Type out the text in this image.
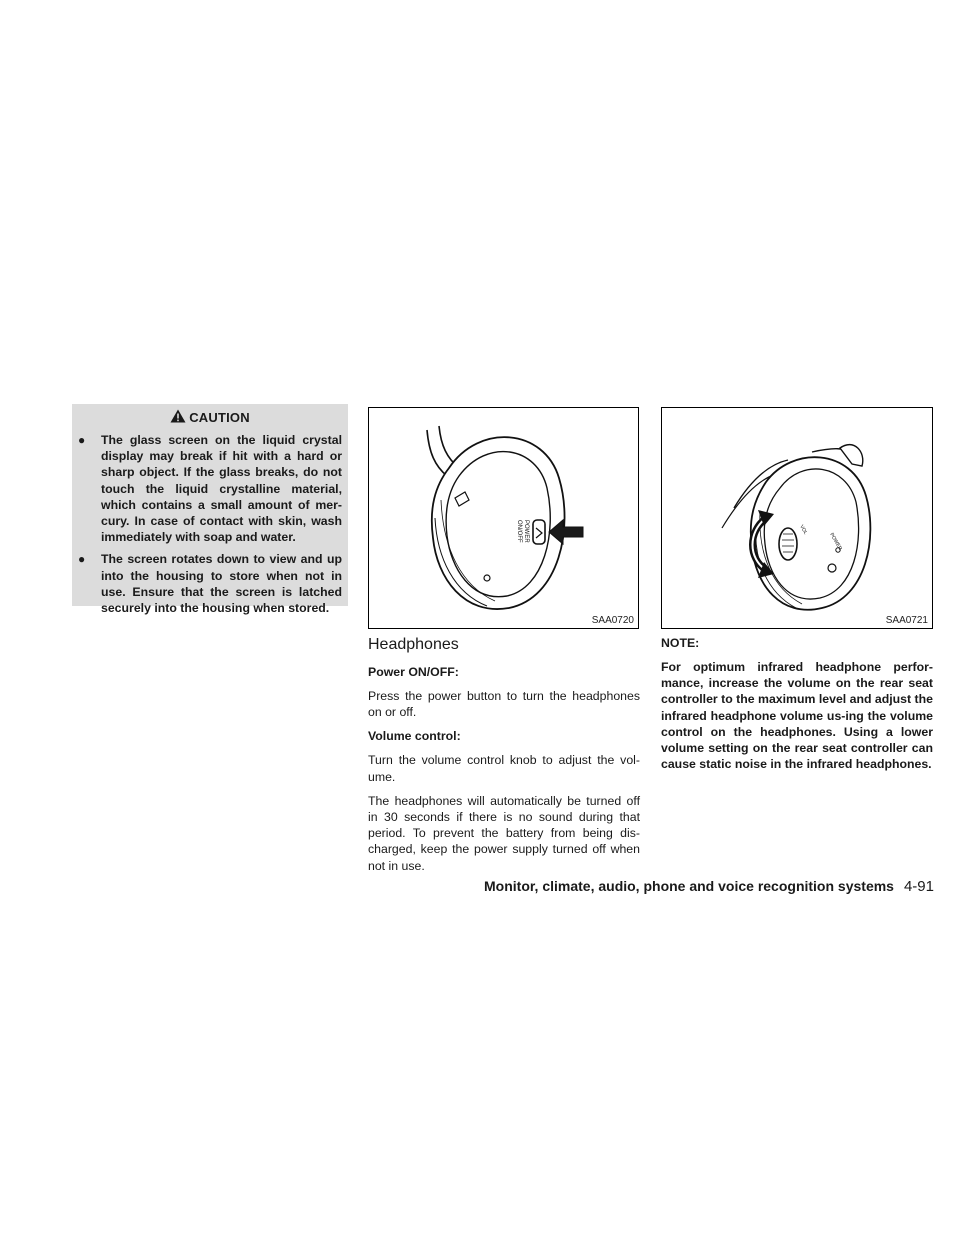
CAUTION
● The glass screen on the liquid crystal display may break if hit with a hard or sharp object. If the glass breaks, do not touch the liquid crystalline material, which contains a small amount of mer-cury. In case of contact with skin, wash immediately with soap and water.
● The screen rotates down to view and up into the housing to store when not in use. Ensure that the screen is latched securely into the housing when stored.
POWER
ON/OFF
SAA0720
VOL
POWER
SAA0721
Headphones

Power ON/OFF:

Press the power button to turn the headphones on or off.

Volume control:

Turn the volume control knob to adjust the vol-ume.

The headphones will automatically be turned off in 30 seconds if there is no sound during that period. To prevent the battery from being dis-charged, keep the power supply turned off when not in use.

NOTE:

For optimum infrared headphone perfor-mance, increase the volume on the rear seat controller to the maximum level and adjust the infrared headphone volume us-ing the volume control on the headphones. Using a lower volume setting on the rear seat controller can cause static noise in the infrared headphones.

Monitor, climate, audio, phone and voice recognition systems 4-91
